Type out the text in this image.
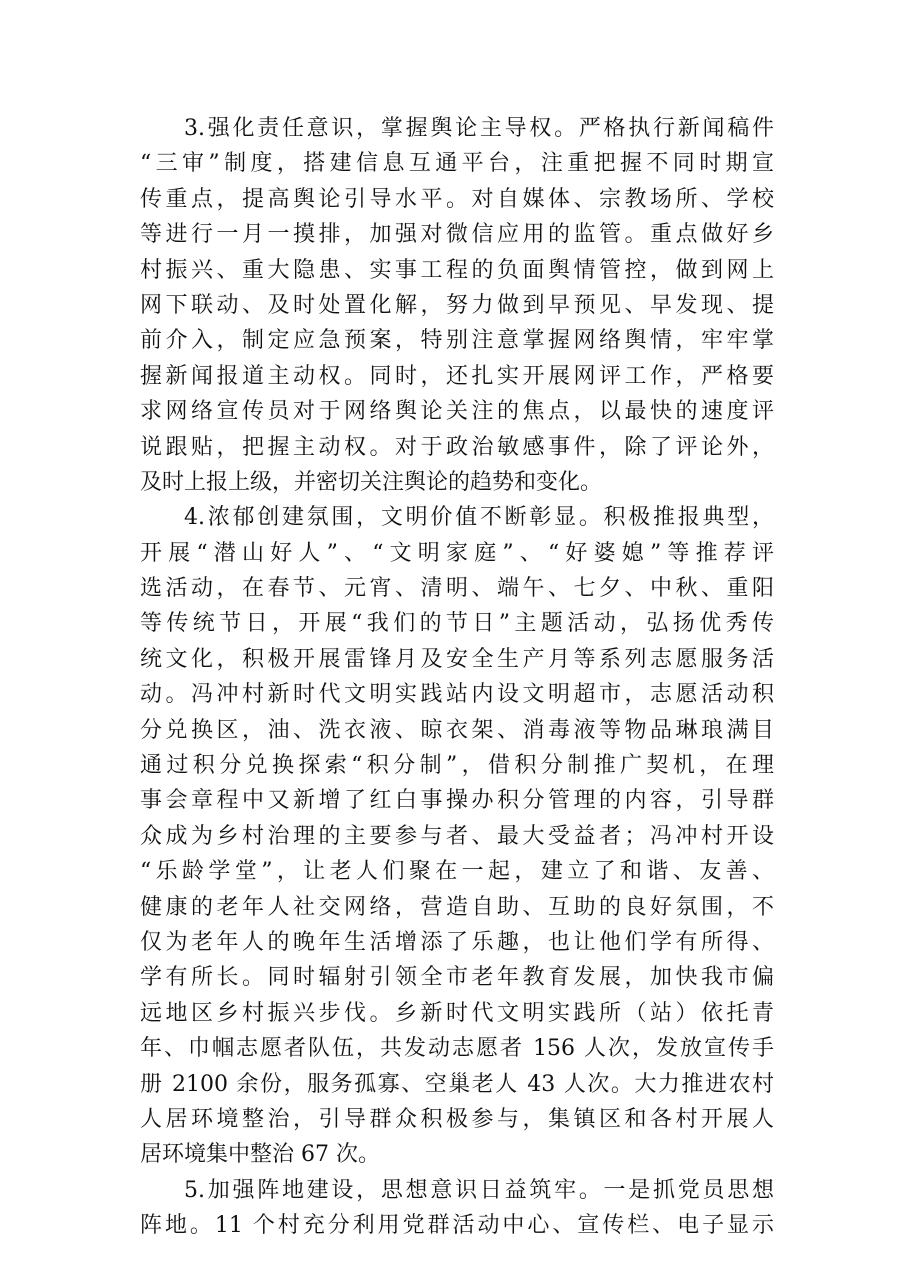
3.强化责任意识，掌握舆论主导权。严格执行新闻稿件
“三审”制度，搭建信息互通平台，注重把握不同时期宣
传重点，提高舆论引导水平。对自媒体、宗教场所、学校
等进行一月一摸排，加强对微信应用的监管。重点做好乡
村振兴、重大隐患、实事工程的负面舆情管控，做到网上
网下联动、及时处置化解，努力做到早预见、早发现、提
前介入，制定应急预案，特别注意掌握网络舆情，牢牢掌
握新闻报道主动权。同时，还扎实开展网评工作，严格要
求网络宣传员对于网络舆论关注的焦点，以最快的速度评
说跟贴，把握主动权。对于政治敏感事件，除了评论外，
及时上报上级，并密切关注舆论的趋势和变化。
4.浓郁创建氛围，文明价值不断彰显。积极推报典型，
开展“潜山好人”、“文明家庭”、“好婆媳”等推荐评
选活动，在春节、元宵、清明、端午、七夕、中秋、重阳
等传统节日，开展“我们的节日”主题活动，弘扬优秀传
统文化，积极开展雷锋月及安全生产月等系列志愿服务活
动。冯冲村新时代文明实践站内设文明超市，志愿活动积
分兑换区，油、洗衣液、晾衣架、消毒液等物品琳琅满目
通过积分兑换探索“积分制”，借积分制推广契机，在理
事会章程中又新增了红白事操办积分管理的内容，引导群
众成为乡村治理的主要参与者、最大受益者；冯冲村开设
“乐龄学堂”，让老人们聚在一起，建立了和谐、友善、
健康的老年人社交网络，营造自助、互助的良好氛围，不
仅为老年人的晚年生活增添了乐趣，也让他们学有所得、
学有所长。同时辐射引领全市老年教育发展，加快我市偏
远地区乡村振兴步伐。乡新时代文明实践所（站）依托青
年、巾帼志愿者队伍，共发动志愿者 156 人次，发放宣传手
册 2100 余份，服务孤寡、空巢老人 43 人次。大力推进农村
人居环境整治，引导群众积极参与，集镇区和各村开展人
居环境集中整治 67 次。
5.加强阵地建设，思想意识日益筑牢。一是抓党员思想
阵地。11 个村充分利用党群活动中心、宣传栏、电子显示
